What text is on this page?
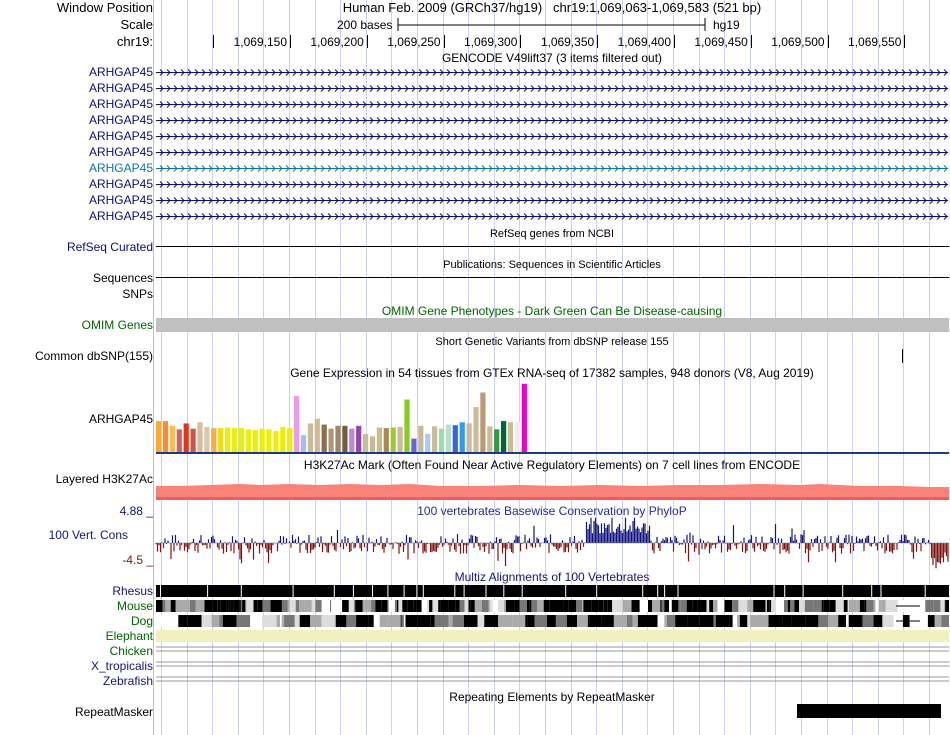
Window Position
Scale
chr19:
Human Feb. 2009 (GRCh37/hg19)   chr19:1,069,063-1,069,583 (521 bp)
200 bases	hg19
1,069,150 1,069,200 1,069,250 1,069,300 1,069,350 1,069,400 1,069,450 1,069,500 1,069,550
GENCODE V49lift37 (3 items filtered out)
ARHGAP45
ARHGAP45
ARHGAP45
ARHGAP45
ARHGAP45
ARHGAP45
ARHGAP45
ARHGAP45
ARHGAP45
ARHGAP45
RefSeq genes from NCBI
RefSeq Curated
Publications: Sequences in Scientific Articles
Sequences
SNPs
OMIM Gene Phenotypes - Dark Green Can Be Disease-causing
OMIM Genes
Short Genetic Variants from dbSNP release 155
Common dbSNP(155)
Gene Expression in 54 tissues from GTEx RNA-seq of 17382 samples, 948 donors (V8, Aug 2019)
ARHGAP45
H3K27Ac Mark (Often Found Near Active Regulatory Elements) on 7 cell lines from ENCODE
Layered H3K27Ac
100 vertebrates Basewise Conservation by PhyloP
4.88 _
100 Vert. Cons
-4.5 _
Multiz Alignments of 100 Vertebrates
Rhesus
Mouse
Dog
Elephant
Chicken
X_tropicalis
Zebrafish
Repeating Elements by RepeatMasker
RepeatMasker
